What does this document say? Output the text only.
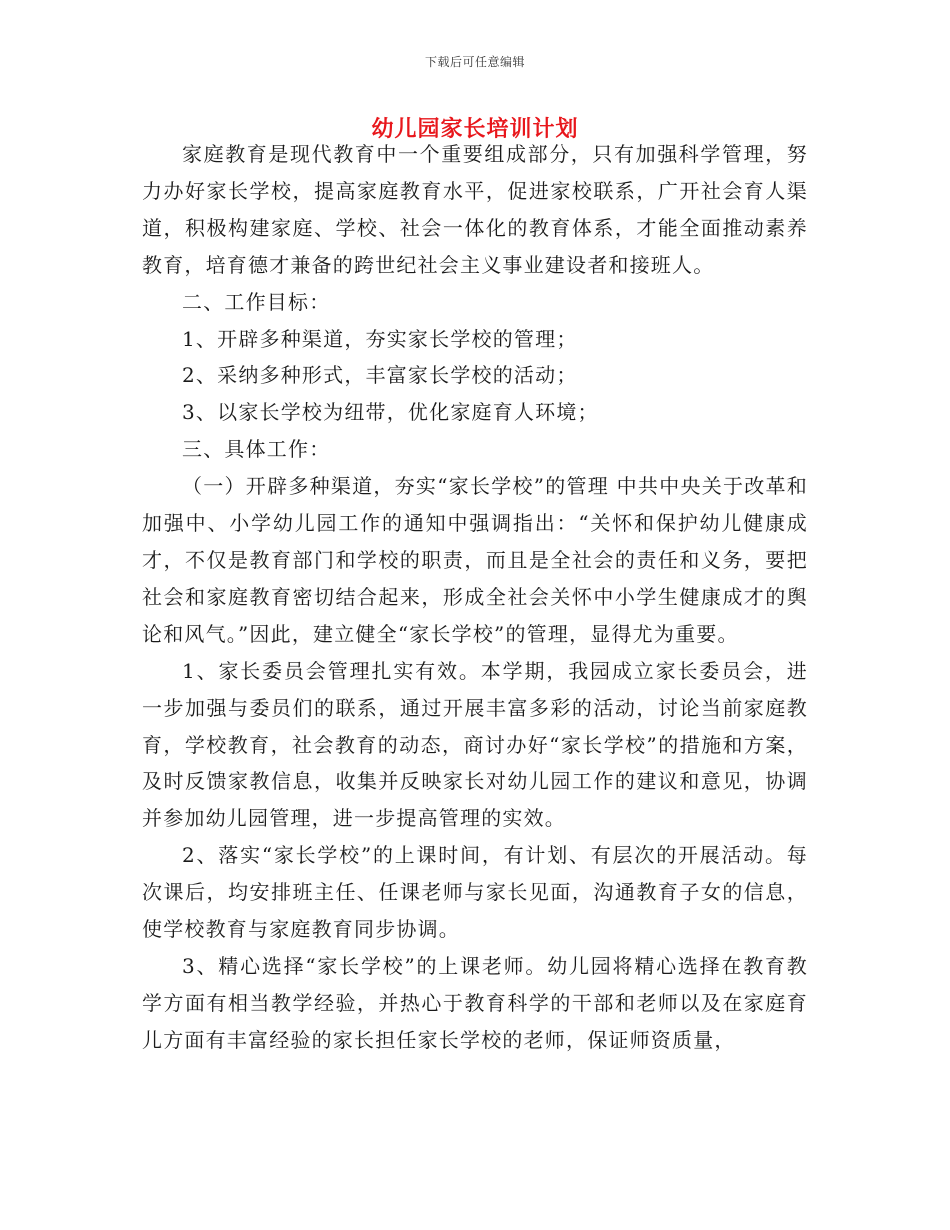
下载后可任意编辑
幼儿园家长培训计划

家庭教育是现代教育中一个重要组成部分，只有加强科学管理，努力办好家长学校，提高家庭教育水平，促进家校联系，广开社会育人渠道，积极构建家庭、学校、社会一体化的教育体系，才能全面推动素养教育，培育德才兼备的跨世纪社会主义事业建设者和接班人。

二、工作目标：

1、开辟多种渠道，夯实家长学校的管理；

2、采纳多种形式，丰富家长学校的活动；

3、以家长学校为纽带，优化家庭育人环境；

三、具体工作：

（一）开辟多种渠道，夯实“家长学校”的管理 中共中央关于改革和加强中、小学幼儿园工作的通知中强调指出：“关怀和保护幼儿健康成才，不仅是教育部门和学校的职责，而且是全社会的责任和义务，要把社会和家庭教育密切结合起来，形成全社会关怀中小学生健康成才的舆论和风气。”因此，建立健全“家长学校”的管理，显得尤为重要。

1、家长委员会管理扎实有效。本学期，我园成立家长委员会，进一步加强与委员们的联系，通过开展丰富多彩的活动，讨论当前家庭教育，学校教育，社会教育的动态，商讨办好“家长学校”的措施和方案，及时反馈家教信息，收集并反映家长对幼儿园工作的建议和意见，协调并参加幼儿园管理，进一步提高管理的实效。

2、落实“家长学校”的上课时间，有计划、有层次的开展活动。每次课后，均安排班主任、任课老师与家长见面，沟通教育子女的信息，使学校教育与家庭教育同步协调。

3、精心选择“家长学校”的上课老师。幼儿园将精心选择在教育教学方面有相当教学经验，并热心于教育科学的干部和老师以及在家庭育儿方面有丰富经验的家长担任家长学校的老师，保证师资质量，
